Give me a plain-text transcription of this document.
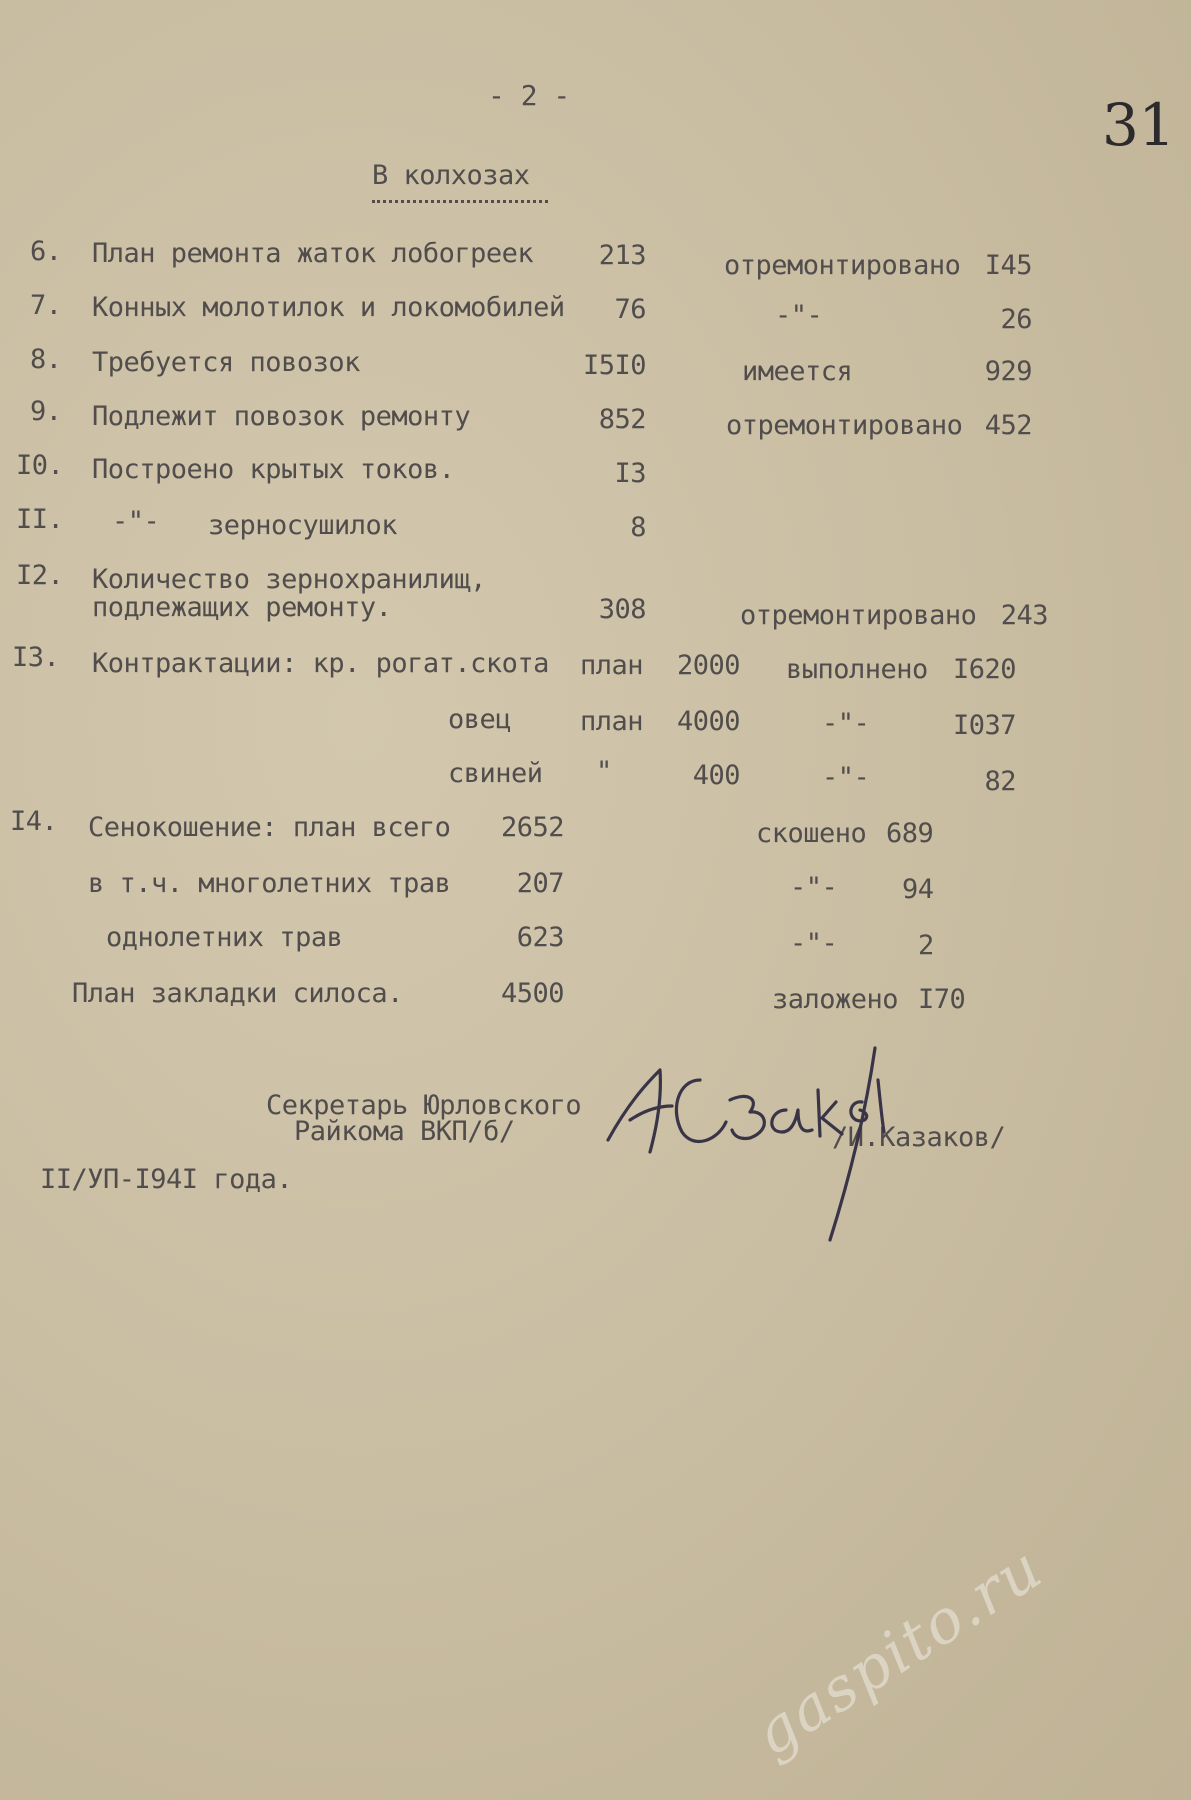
- 2 -	31
В колхозах
6. План ремонта жаток лобогреек	213	отремонтировано I45
7. Конных молотилок и локомобилей	76	-"-	26
8. Требуется повозок	I5I0	имеется	929
9. Подлежит повозок ремонту	852	отремонтировано 452
I0. Построено крытых токов.	I3
II. -"- зерносушилок	8
I2. Количество зернохранилищ,
подлежащих ремонту.	308	отремонтировано 243
I3. Контрактации: кр. рогат.скота план	2000 выполнено I620
овец	план	4000	-"-	I037
свиней "	400	-"-	82
I4. Сенокошение: план всего	2652	скошено 689
в т.ч. многолетних трав	207	-"- 94
однолетних трав	623	-"-	2
План закладки силоса.	4500	заложено I70
Секретарь Юрловского
Райкома ВКП/б/	/И.Казаков/
II/УП-I94I года.
gaspito.ru
